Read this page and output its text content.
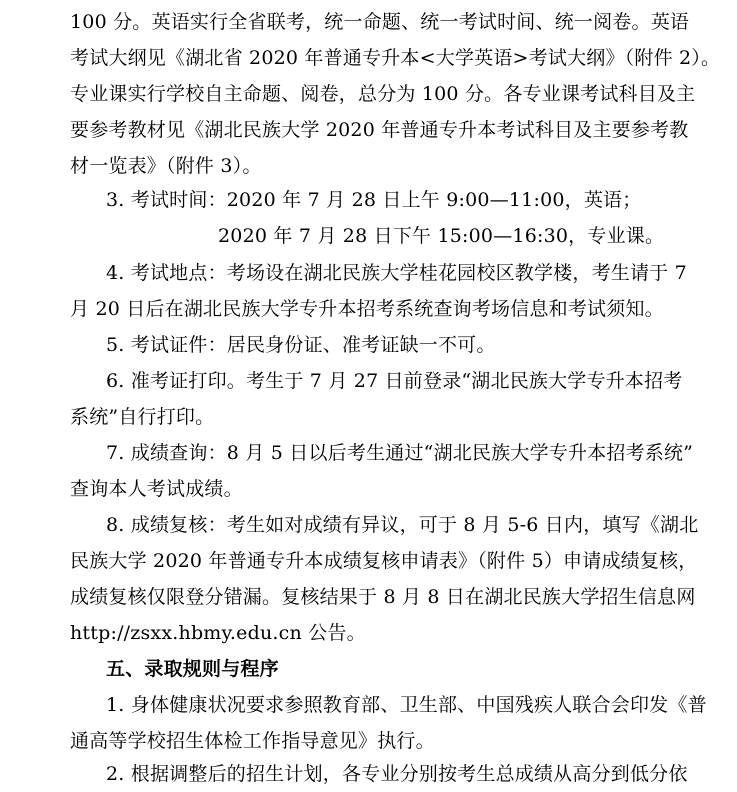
100 分。英语实行全省联考，统一命题、统一考试时间、统一阅卷。英语
考试大纲见《湖北省 2020 年普通专升本<大学英语>考试大纲》（附件 2）。
专业课实行学校自主命题、阅卷，总分为 100 分。各专业课考试科目及主
要参考教材见《湖北民族大学 2020 年普通专升本考试科目及主要参考教
材一览表》（附件 3）。
3. 考试时间：2020 年 7 月 28 日上午 9:00—11:00，英语；
2020 年 7 月 28 日下午 15:00—16:30，专业课。
4. 考试地点：考场设在湖北民族大学桂花园校区教学楼，考生请于 7
月 20 日后在湖北民族大学专升本招考系统查询考场信息和考试须知。
5. 考试证件：居民身份证、准考证缺一不可。
6. 准考证打印。考生于 7 月 27 日前登录“湖北民族大学专升本招考
系统”自行打印。
7. 成绩查询：8 月 5 日以后考生通过“湖北民族大学专升本招考系统”
查询本人考试成绩。
8. 成绩复核：考生如对成绩有异议，可于 8 月 5-6 日内，填写《湖北
民族大学 2020 年普通专升本成绩复核申请表》（附件 5）申请成绩复核，
成绩复核仅限登分错漏。复核结果于 8 月 8 日在湖北民族大学招生信息网
http://zsxx.hbmy.edu.cn 公告。
五、录取规则与程序
1. 身体健康状况要求参照教育部、卫生部、中国残疾人联合会印发《普
通高等学校招生体检工作指导意见》执行。
2. 根据调整后的招生计划，各专业分别按考生总成绩从高分到低分依
